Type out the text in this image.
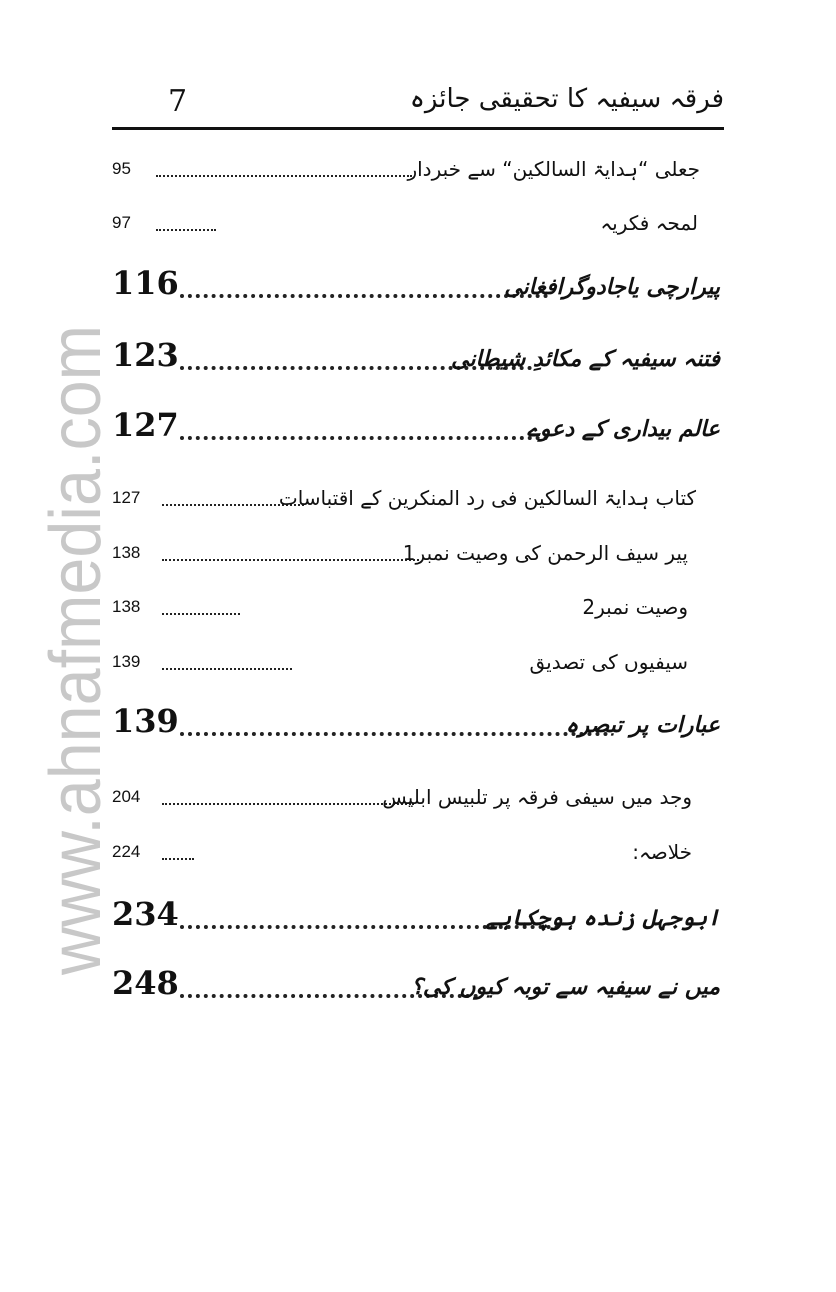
www.ahnafmedia.com
7	فرقہ سیفیہ کا تحقیقی جائزہ
95	جعلی “ہدایۃ السالکین“ سے خبردار
97	لمحہ فکریہ
116	پیرارچی یاجادوگرافغانی
123	فتنہ سیفیہ کے مکائدِ شیطانی
127	عالم بیداری کے دعوے
127	کتاب ہدایۃ السالکین فی رد المنکرین کے اقتباسات
138	پیر سیف الرحمن کی وصیت نمبر1
138	وصیت نمبر2
139	سیفیوں کی تصدیق
139	عبارات پر تبصرہ
204	وجد میں سیفی فرقہ پر تلبیس ابلیس
224	خلاصہ:
234	ابوجہل زندہ ہوچکاہے
248	میں نے سیفیہ سے توبہ کیوں کی؟
